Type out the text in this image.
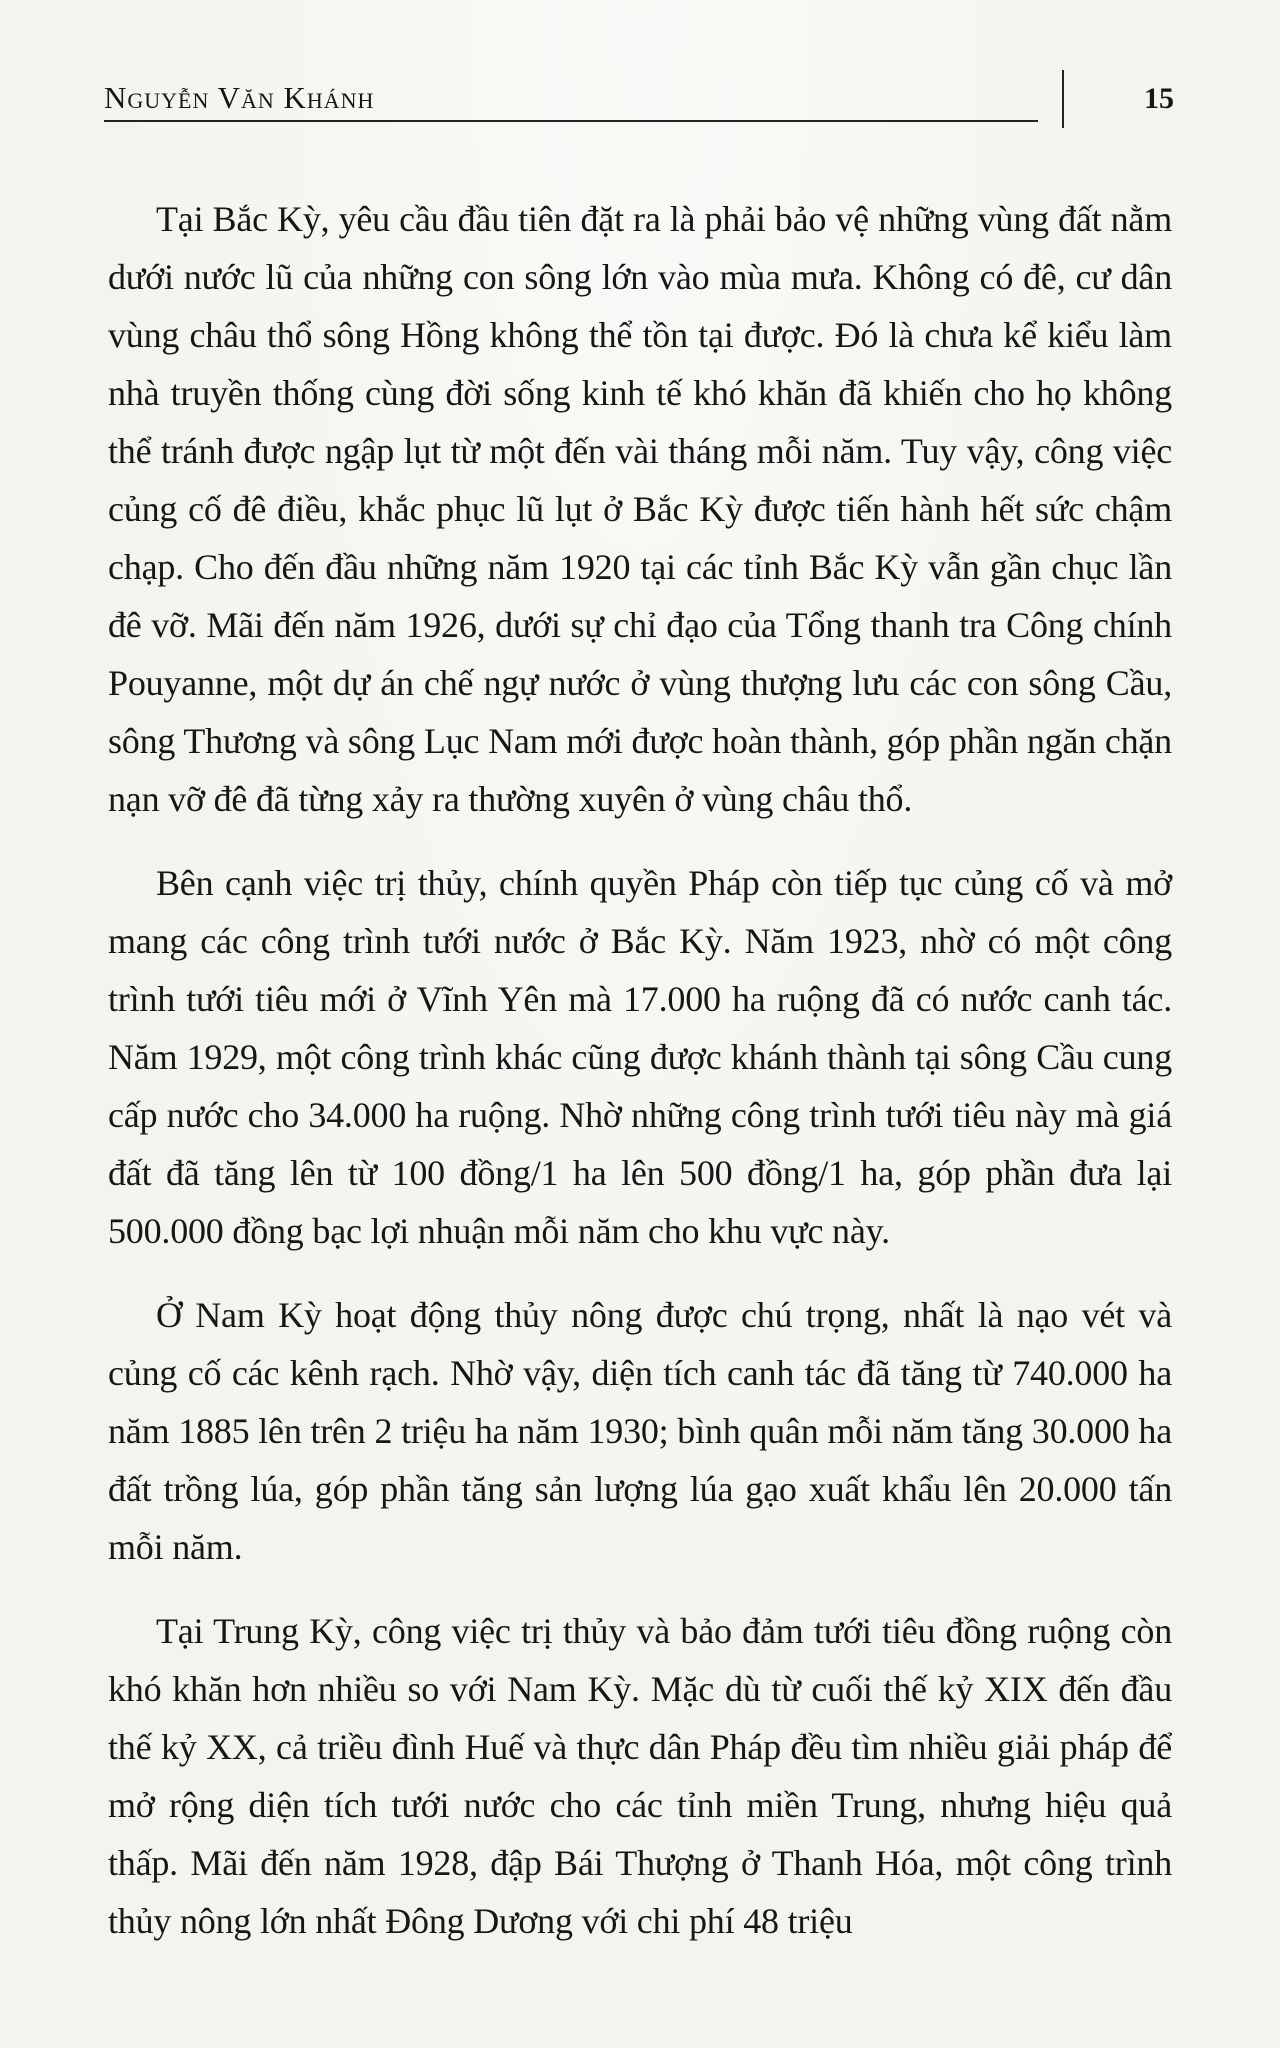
Nguyễn Văn Khánh	15

Tại Bắc Kỳ, yêu cầu đầu tiên đặt ra là phải bảo vệ những vùng đất nằm dưới nước lũ của những con sông lớn vào mùa mưa. Không có đê, cư dân vùng châu thổ sông Hồng không thể tồn tại được. Đó là chưa kể kiểu làm nhà truyền thống cùng đời sống kinh tế khó khăn đã khiến cho họ không thể tránh được ngập lụt từ một đến vài tháng mỗi năm. Tuy vậy, công việc củng cố đê điều, khắc phục lũ lụt ở Bắc Kỳ được tiến hành hết sức chậm chạp. Cho đến đầu những năm 1920 tại các tỉnh Bắc Kỳ vẫn gần chục lần đê vỡ. Mãi đến năm 1926, dưới sự chỉ đạo của Tổng thanh tra Công chính Pouyanne, một dự án chế ngự nước ở vùng thượng lưu các con sông Cầu, sông Thương và sông Lục Nam mới được hoàn thành, góp phần ngăn chặn nạn vỡ đê đã từng xảy ra thường xuyên ở vùng châu thổ.

Bên cạnh việc trị thủy, chính quyền Pháp còn tiếp tục củng cố và mở mang các công trình tưới nước ở Bắc Kỳ. Năm 1923, nhờ có một công trình tưới tiêu mới ở Vĩnh Yên mà 17.000 ha ruộng đã có nước canh tác. Năm 1929, một công trình khác cũng được khánh thành tại sông Cầu cung cấp nước cho 34.000 ha ruộng. Nhờ những công trình tưới tiêu này mà giá đất đã tăng lên từ 100 đồng/1 ha lên 500 đồng/1 ha, góp phần đưa lại 500.000 đồng bạc lợi nhuận mỗi năm cho khu vực này.

Ở Nam Kỳ hoạt động thủy nông được chú trọng, nhất là nạo vét và củng cố các kênh rạch. Nhờ vậy, diện tích canh tác đã tăng từ 740.000 ha năm 1885 lên trên 2 triệu ha năm 1930; bình quân mỗi năm tăng 30.000 ha đất trồng lúa, góp phần tăng sản lượng lúa gạo xuất khẩu lên 20.000 tấn mỗi năm.

Tại Trung Kỳ, công việc trị thủy và bảo đảm tưới tiêu đồng ruộng còn khó khăn hơn nhiều so với Nam Kỳ. Mặc dù từ cuối thế kỷ XIX đến đầu thế kỷ XX, cả triều đình Huế và thực dân Pháp đều tìm nhiều giải pháp để mở rộng diện tích tưới nước cho các tỉnh miền Trung, nhưng hiệu quả thấp. Mãi đến năm 1928, đập Bái Thượng ở Thanh Hóa, một công trình thủy nông lớn nhất Đông Dương với chi phí 48 triệu
